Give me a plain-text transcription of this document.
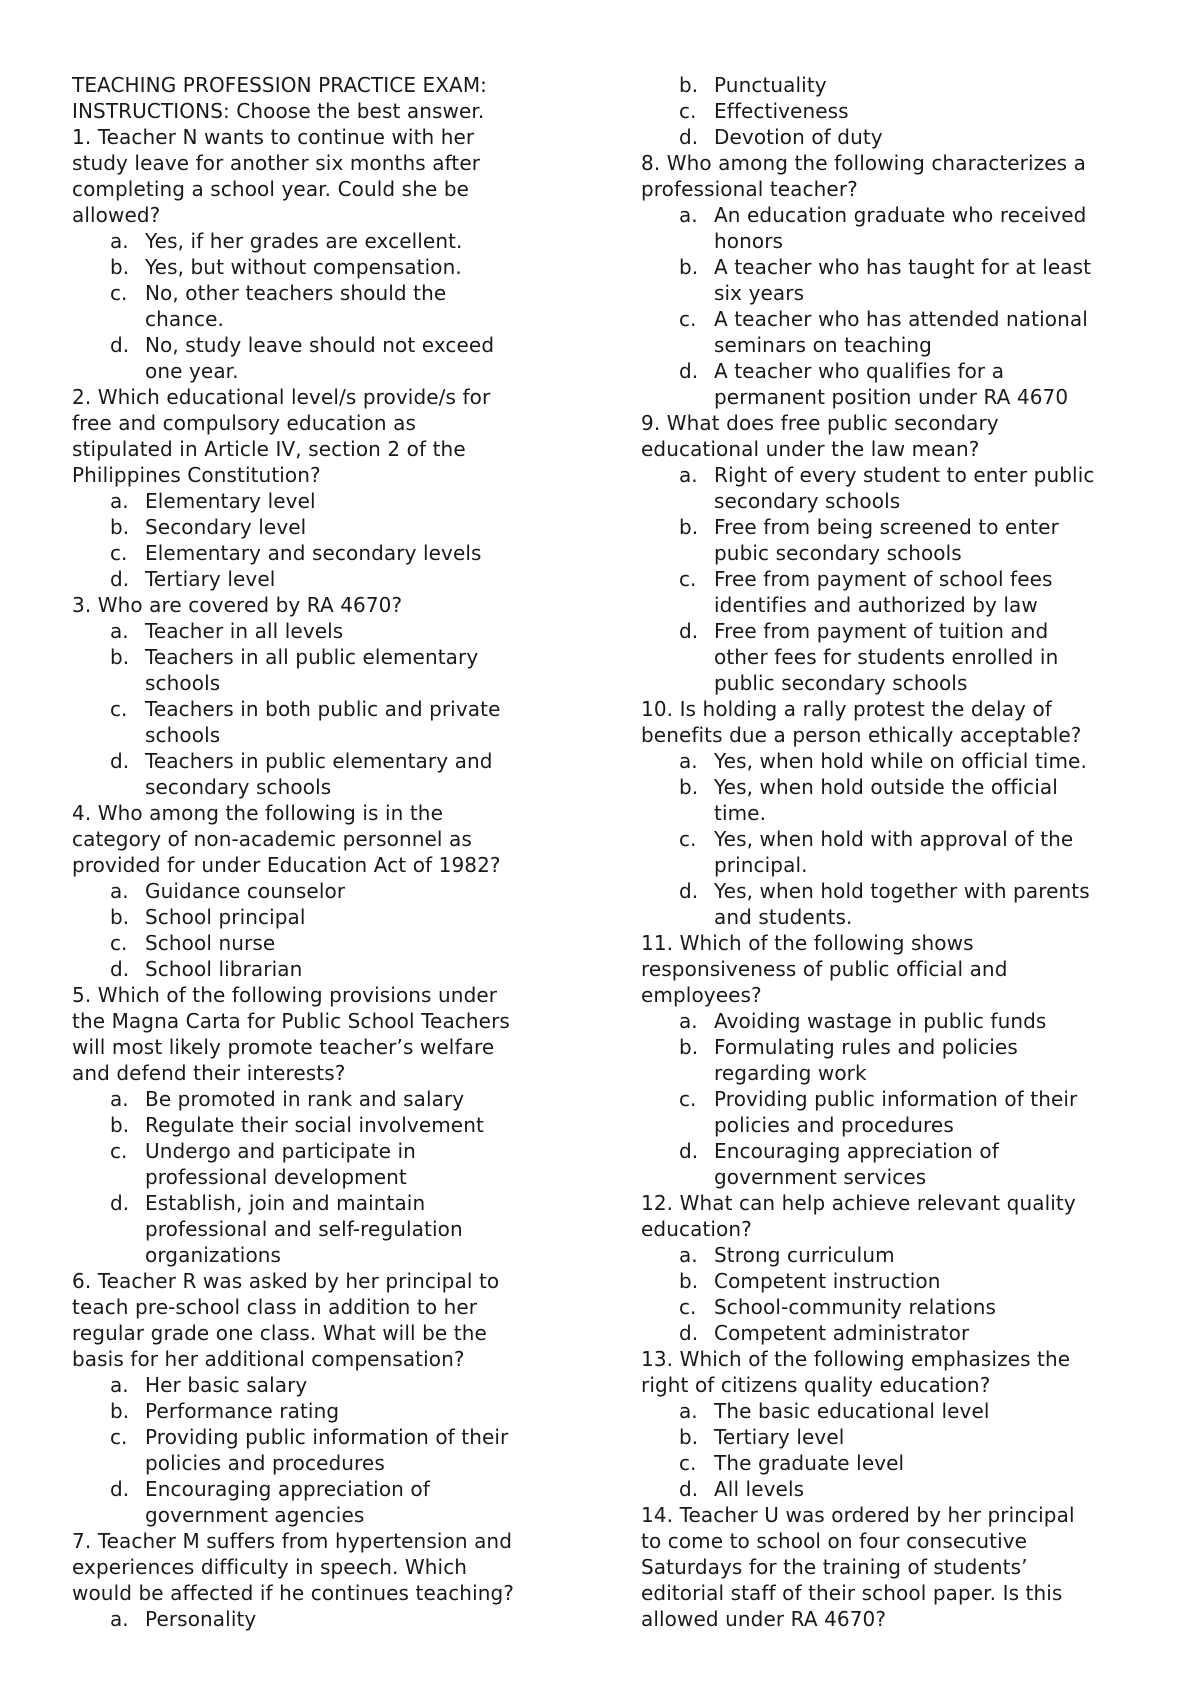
TEACHING PROFESSION PRACTICE EXAM:

INSTRUCTIONS: Choose the best answer.

1. Teacher N wants to continue with her

study leave for another six months after

completing a school year. Could she be

allowed?

a. Yes, if her grades are excellent.

b. Yes, but without compensation.

c. No, other teachers should the

chance.

d. No, study leave should not exceed

one year.

2. Which educational level/s provide/s for

free and compulsory education as

stipulated in Article IV, section 2 of the

Philippines Constitution?

a. Elementary level

b. Secondary level

c. Elementary and secondary levels

d. Tertiary level

3. Who are covered by RA 4670?

a. Teacher in all levels

b. Teachers in all public elementary

schools

c. Teachers in both public and private

schools

d. Teachers in public elementary and

secondary schools

4. Who among the following is in the

category of non-academic personnel as

provided for under Education Act of 1982?

a. Guidance counselor

b. School principal

c. School nurse

d. School librarian

5. Which of the following provisions under

the Magna Carta for Public School Teachers

will most likely promote teacher’s welfare

and defend their interests?

a. Be promoted in rank and salary

b. Regulate their social involvement

c. Undergo and participate in

professional development

d. Establish, join and maintain

professional and self-regulation

organizations

6. Teacher R was asked by her principal to

teach pre-school class in addition to her

regular grade one class. What will be the

basis for her additional compensation?

a. Her basic salary

b. Performance rating

c. Providing public information of their

policies and procedures

d. Encouraging appreciation of

government agencies

7. Teacher M suffers from hypertension and

experiences difficulty in speech. Which

would be affected if he continues teaching?

a. Personality

b. Punctuality

c. Effectiveness

d. Devotion of duty

8. Who among the following characterizes a

professional teacher?

a. An education graduate who received

honors

b. A teacher who has taught for at least

six years

c. A teacher who has attended national

seminars on teaching

d. A teacher who qualifies for a

permanent position under RA 4670

9. What does free public secondary

educational under the law mean?

a. Right of every student to enter public

secondary schools

b. Free from being screened to enter

pubic secondary schools

c. Free from payment of school fees

identifies and authorized by law

d. Free from payment of tuition and

other fees for students enrolled in

public secondary schools

10. Is holding a rally protest the delay of

benefits due a person ethically acceptable?

a. Yes, when hold while on official time.

b. Yes, when hold outside the official

time.

c. Yes, when hold with approval of the

principal.

d. Yes, when hold together with parents

and students.

11. Which of the following shows

responsiveness of public official and

employees?

a. Avoiding wastage in public funds

b. Formulating rules and policies

regarding work

c. Providing public information of their

policies and procedures

d. Encouraging appreciation of

government services

12. What can help achieve relevant quality

education?

a. Strong curriculum

b. Competent instruction

c. School-community relations

d. Competent administrator

13. Which of the following emphasizes the

right of citizens quality education?

a. The basic educational level

b. Tertiary level

c. The graduate level

d. All levels

14. Teacher U was ordered by her principal

to come to school on four consecutive

Saturdays for the training of students’

editorial staff of their school paper. Is this

allowed under RA 4670?
